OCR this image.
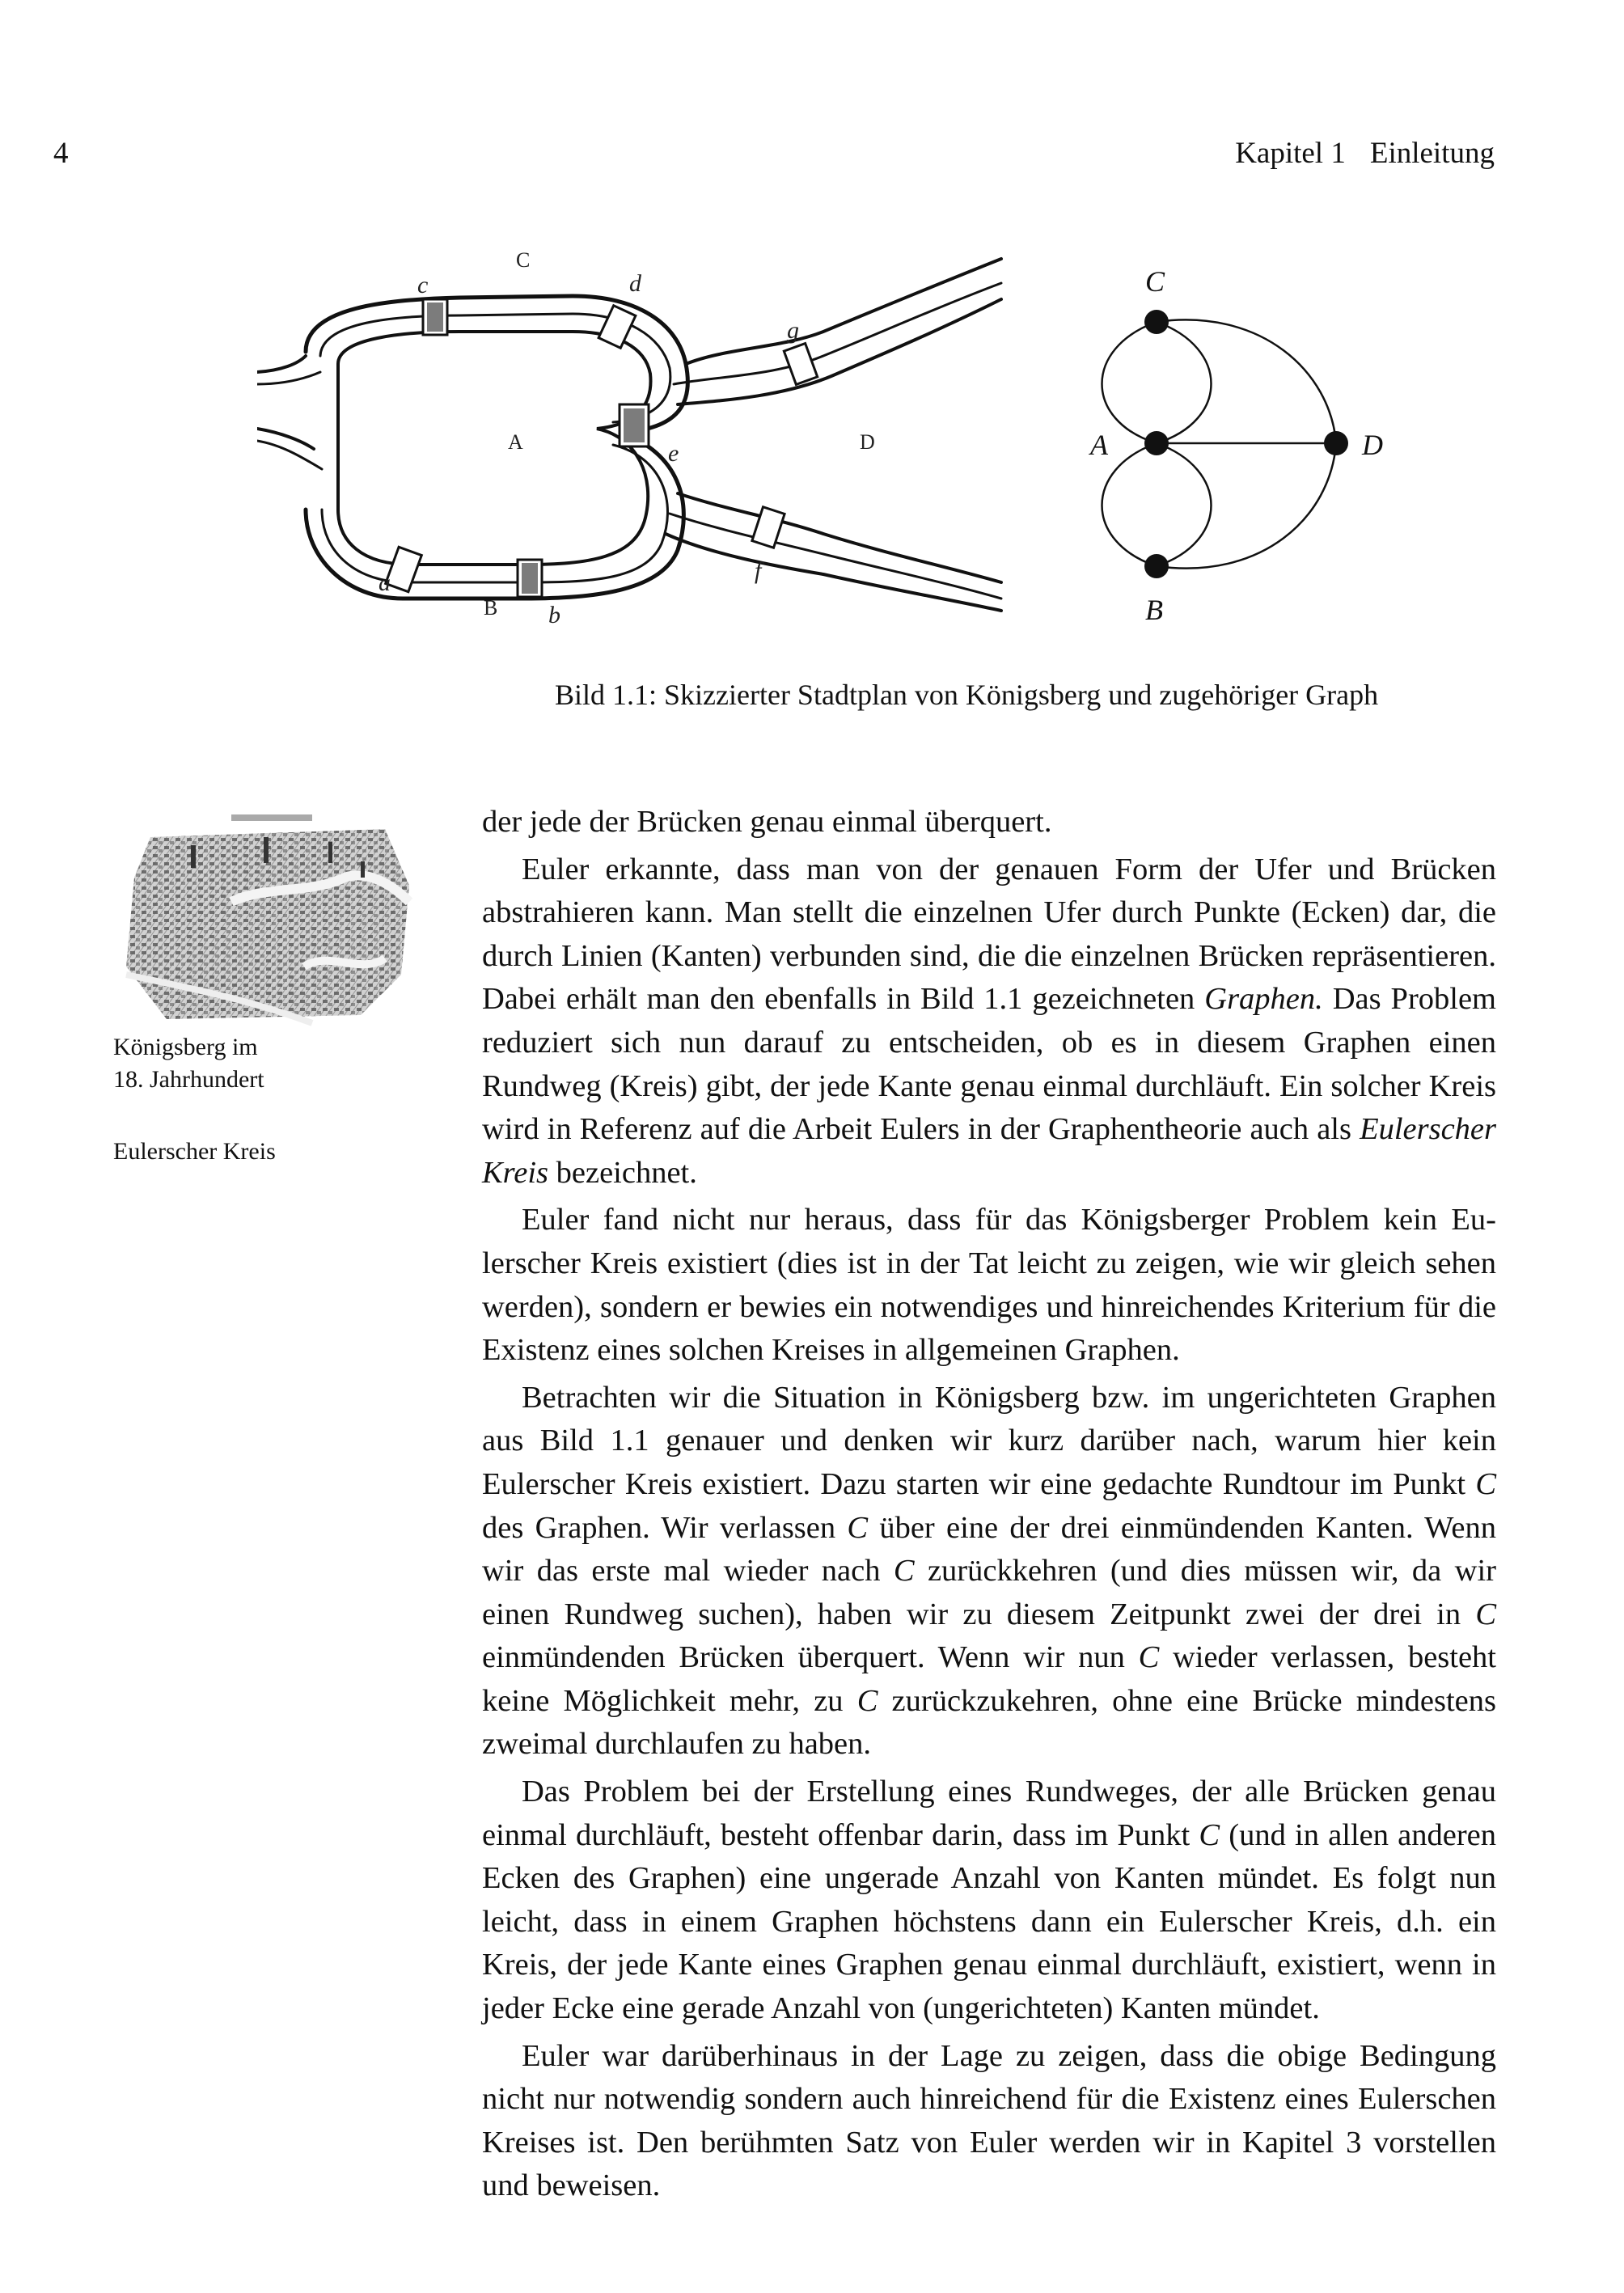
4	Kapitel 1 Einleitung
C
A	D
B
a
b
c	d
e
f
g
C
A	D
B
Bild 1.1: Skizzierter Stadtplan von Königsberg und zugehöriger Graph
Königsberg im
18. Jahrhundert
Eulerscher Kreis

der jede der Brücken genau einmal überquert.

Euler erkannte, dass man von der genauen Form der Ufer und Brücken abstrahieren kann. Man stellt die einzelnen Ufer durch Punkte (Ecken) dar, die durch Linien (Kanten) verbunden sind, die die einzelnen Brücken repräsentieren. Dabei erhält man den ebenfalls in Bild 1.1 gezeichneten Graphen. Das Problem reduziert sich nun darauf zu entscheiden, ob es in diesem Graphen einen Rundweg (Kreis) gibt, der jede Kante genau einmal durchläuft. Ein solcher Kreis wird in Referenz auf die Arbeit Eulers in der Graphentheorie auch als Eulerscher Kreis bezeichnet.

Euler fand nicht nur heraus, dass für das Königsberger Problem kein Eulerscher Kreis existiert (dies ist in der Tat leicht zu zeigen, wie wir gleich sehen werden), sondern er bewies ein notwendiges und hinreichendes Kriterium für die Existenz eines solchen Kreises in allgemeinen Graphen.

Betrachten wir die Situation in Königsberg bzw. im ungerichteten Graphen aus Bild 1.1 genauer und denken wir kurz darüber nach, warum hier kein Eulerscher Kreis existiert. Dazu starten wir eine gedachte Rundtour im Punkt C des Graphen. Wir verlassen C über eine der drei einmündenden Kanten. Wenn wir das erste mal wieder nach C zurückkehren (und dies müssen wir, da wir einen Rundweg suchen), haben wir zu diesem Zeitpunkt zwei der drei in C einmündenden Brücken überquert. Wenn wir nun C wieder verlassen, besteht keine Möglichkeit mehr, zu C zurückzukehren, ohne eine Brücke mindestens zweimal durchlaufen zu haben.

Das Problem bei der Erstellung eines Rundweges, der alle Brücken genau einmal durchläuft, besteht offenbar darin, dass im Punkt C (und in allen anderen Ecken des Graphen) eine ungerade Anzahl von Kanten mündet. Es folgt nun leicht, dass in einem Graphen höchstens dann ein Eulerscher Kreis, d.h. ein Kreis, der jede Kante eines Graphen genau einmal durchläuft, existiert, wenn in jeder Ecke eine gerade Anzahl von (ungerichteten) Kanten mündet.

Euler war darüberhinaus in der Lage zu zeigen, dass die obige Bedingung nicht nur notwendig sondern auch hinreichend für die Existenz eines Eulerschen Kreises ist. Den berühmten Satz von Euler werden wir in Kapitel 3 vorstellen und beweisen.
